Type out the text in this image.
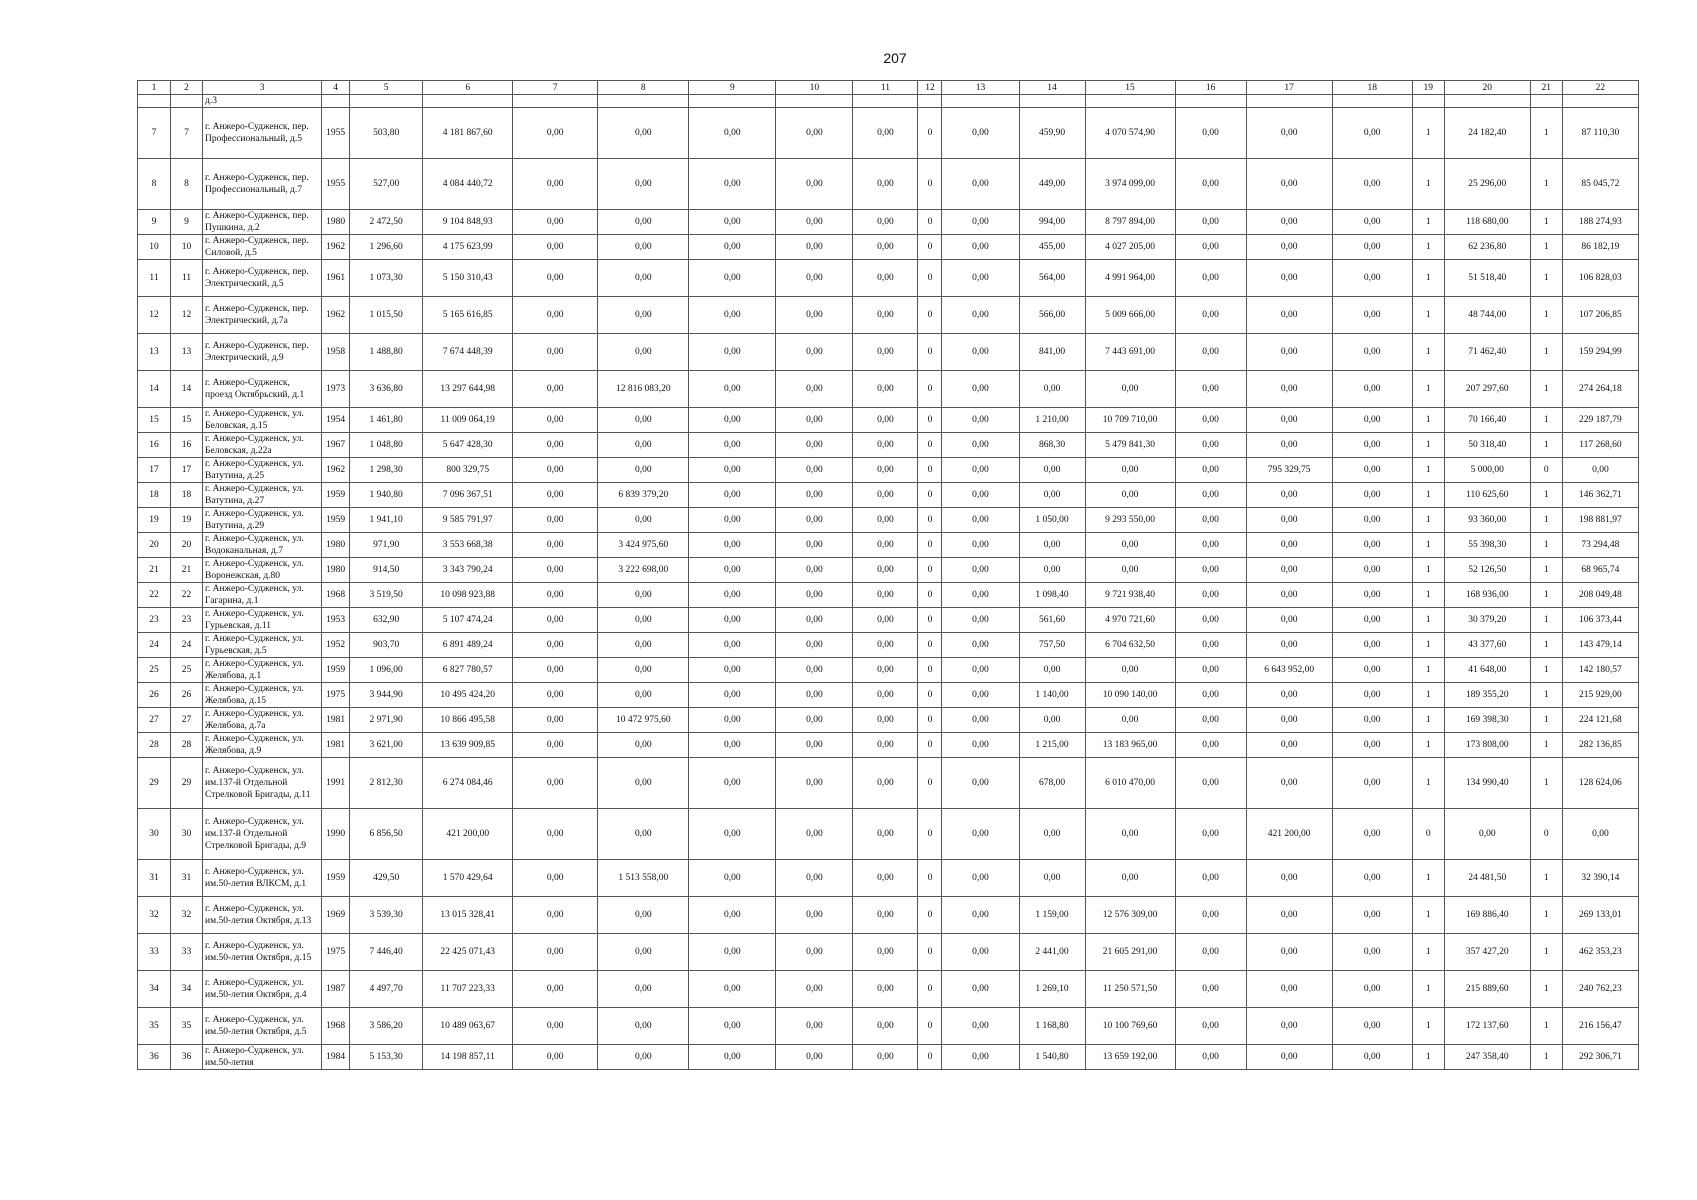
207
1	2	3	4	5	6	7	8	9	10	11	12	13	14	15	16	17	18	19	20	21	22
		д.3																			
7	7	г. Анжеро-Судженск, пер. Профессиональный, д.5	1955	503,80	4 181 867,60	0,00	0,00	0,00	0,00	0,00	0	0,00	459,90	4 070 574,90	0,00	0,00	0,00	1	24 182,40	1	87 110,30
8	8	г. Анжеро-Судженск, пер. Профессиональный, д.7	1955	527,00	4 084 440,72	0,00	0,00	0,00	0,00	0,00	0	0,00	449,00	3 974 099,00	0,00	0,00	0,00	1	25 296,00	1	85 045,72
9	9	г. Анжеро-Судженск, пер. Пушкина, д.2	1980	2 472,50	9 104 848,93	0,00	0,00	0,00	0,00	0,00	0	0,00	994,00	8 797 894,00	0,00	0,00	0,00	1	118 680,00	1	188 274,93
10	10	г. Анжеро-Судженск, пер. Силовой, д.5	1962	1 296,60	4 175 623,99	0,00	0,00	0,00	0,00	0,00	0	0,00	455,00	4 027 205,00	0,00	0,00	0,00	1	62 236,80	1	86 182,19
11	11	г. Анжеро-Судженск, пер. Электрический, д.5	1961	1 073,30	5 150 310,43	0,00	0,00	0,00	0,00	0,00	0	0,00	564,00	4 991 964,00	0,00	0,00	0,00	1	51 518,40	1	106 828,03
12	12	г. Анжеро-Судженск, пер. Электрический, д.7а	1962	1 015,50	5 165 616,85	0,00	0,00	0,00	0,00	0,00	0	0,00	566,00	5 009 666,00	0,00	0,00	0,00	1	48 744,00	1	107 206,85
13	13	г. Анжеро-Судженск, пер. Электрический, д.9	1958	1 488,80	7 674 448,39	0,00	0,00	0,00	0,00	0,00	0	0,00	841,00	7 443 691,00	0,00	0,00	0,00	1	71 462,40	1	159 294,99
14	14	г. Анжеро-Судженск, проезд Октябрьский, д.1	1973	3 636,80	13 297 644,98	0,00	12 816 083,20	0,00	0,00	0,00	0	0,00	0,00	0,00	0,00	0,00	0,00	1	207 297,60	1	274 264,18
15	15	г. Анжеро-Судженск, ул. Беловская, д.15	1954	1 461,80	11 009 064,19	0,00	0,00	0,00	0,00	0,00	0	0,00	1 210,00	10 709 710,00	0,00	0,00	0,00	1	70 166,40	1	229 187,79
16	16	г. Анжеро-Судженск, ул. Беловская, д.22а	1967	1 048,80	5 647 428,30	0,00	0,00	0,00	0,00	0,00	0	0,00	868,30	5 479 841,30	0,00	0,00	0,00	1	50 318,40	1	117 268,60
17	17	г. Анжеро-Судженск, ул. Ватутина, д.25	1962	1 298,30	800 329,75	0,00	0,00	0,00	0,00	0,00	0	0,00	0,00	0,00	0,00	795 329,75	0,00	1	5 000,00	0	0,00
18	18	г. Анжеро-Судженск, ул. Ватутина, д.27	1959	1 940,80	7 096 367,51	0,00	6 839 379,20	0,00	0,00	0,00	0	0,00	0,00	0,00	0,00	0,00	0,00	1	110 625,60	1	146 362,71
19	19	г. Анжеро-Судженск, ул. Ватутина, д.29	1959	1 941,10	9 585 791,97	0,00	0,00	0,00	0,00	0,00	0	0,00	1 050,00	9 293 550,00	0,00	0,00	0,00	1	93 360,00	1	198 881,97
20	20	г. Анжеро-Судженск, ул. Водоканальная, д.7	1980	971,90	3 553 668,38	0,00	3 424 975,60	0,00	0,00	0,00	0	0,00	0,00	0,00	0,00	0,00	0,00	1	55 398,30	1	73 294,48
21	21	г. Анжеро-Судженск, ул. Воронежская, д.80	1980	914,50	3 343 790,24	0,00	3 222 698,00	0,00	0,00	0,00	0	0,00	0,00	0,00	0,00	0,00	0,00	1	52 126,50	1	68 965,74
22	22	г. Анжеро-Судженск, ул. Гагарина, д.1	1968	3 519,50	10 098 923,88	0,00	0,00	0,00	0,00	0,00	0	0,00	1 098,40	9 721 938,40	0,00	0,00	0,00	1	168 936,00	1	208 049,48
23	23	г. Анжеро-Судженск, ул. Гурьевская, д.11	1953	632,90	5 107 474,24	0,00	0,00	0,00	0,00	0,00	0	0,00	561,60	4 970 721,60	0,00	0,00	0,00	1	30 379,20	1	106 373,44
24	24	г. Анжеро-Судженск, ул. Гурьевская, д.5	1952	903,70	6 891 489,24	0,00	0,00	0,00	0,00	0,00	0	0,00	757,50	6 704 632,50	0,00	0,00	0,00	1	43 377,60	1	143 479,14
25	25	г. Анжеро-Судженск, ул. Желябова, д.1	1959	1 096,00	6 827 780,57	0,00	0,00	0,00	0,00	0,00	0	0,00	0,00	0,00	0,00	6 643 952,00	0,00	1	41 648,00	1	142 180,57
26	26	г. Анжеро-Судженск, ул. Желябова, д.15	1975	3 944,90	10 495 424,20	0,00	0,00	0,00	0,00	0,00	0	0,00	1 140,00	10 090 140,00	0,00	0,00	0,00	1	189 355,20	1	215 929,00
27	27	г. Анжеро-Судженск, ул. Желябова, д.7а	1981	2 971,90	10 866 495,58	0,00	10 472 975,60	0,00	0,00	0,00	0	0,00	0,00	0,00	0,00	0,00	0,00	1	169 398,30	1	224 121,68
28	28	г. Анжеро-Судженск, ул. Желябова, д.9	1981	3 621,00	13 639 909,85	0,00	0,00	0,00	0,00	0,00	0	0,00	1 215,00	13 183 965,00	0,00	0,00	0,00	1	173 808,00	1	282 136,85
29	29	г. Анжеро-Судженск, ул. им.137-й Отдельной Стрелковой Бригады, д.11	1991	2 812,30	6 274 084,46	0,00	0,00	0,00	0,00	0,00	0	0,00	678,00	6 010 470,00	0,00	0,00	0,00	1	134 990,40	1	128 624,06
30	30	г. Анжеро-Судженск, ул. им.137-й Отдельной Стрелковой Бригады, д.9	1990	6 856,50	421 200,00	0,00	0,00	0,00	0,00	0,00	0	0,00	0,00	0,00	0,00	421 200,00	0,00	0	0,00	0	0,00
31	31	г. Анжеро-Судженск, ул. им.50-летия ВЛКСМ, д.1	1959	429,50	1 570 429,64	0,00	1 513 558,00	0,00	0,00	0,00	0	0,00	0,00	0,00	0,00	0,00	0,00	1	24 481,50	1	32 390,14
32	32	г. Анжеро-Судженск, ул. им.50-летия Октября, д.13	1969	3 539,30	13 015 328,41	0,00	0,00	0,00	0,00	0,00	0	0,00	1 159,00	12 576 309,00	0,00	0,00	0,00	1	169 886,40	1	269 133,01
33	33	г. Анжеро-Судженск, ул. им.50-летия Октября, д.15	1975	7 446,40	22 425 071,43	0,00	0,00	0,00	0,00	0,00	0	0,00	2 441,00	21 605 291,00	0,00	0,00	0,00	1	357 427,20	1	462 353,23
34	34	г. Анжеро-Судженск, ул. им.50-летия Октября, д.4	1987	4 497,70	11 707 223,33	0,00	0,00	0,00	0,00	0,00	0	0,00	1 269,10	11 250 571,50	0,00	0,00	0,00	1	215 889,60	1	240 762,23
35	35	г. Анжеро-Судженск, ул. им.50-летия Октября, д.5	1968	3 586,20	10 489 063,67	0,00	0,00	0,00	0,00	0,00	0	0,00	1 168,80	10 100 769,60	0,00	0,00	0,00	1	172 137,60	1	216 156,47
36	36	г. Анжеро-Судженск, ул. им.50-летия	1984	5 153,30	14 198 857,11	0,00	0,00	0,00	0,00	0,00	0	0,00	1 540,80	13 659 192,00	0,00	0,00	0,00	1	247 358,40	1	292 306,71
